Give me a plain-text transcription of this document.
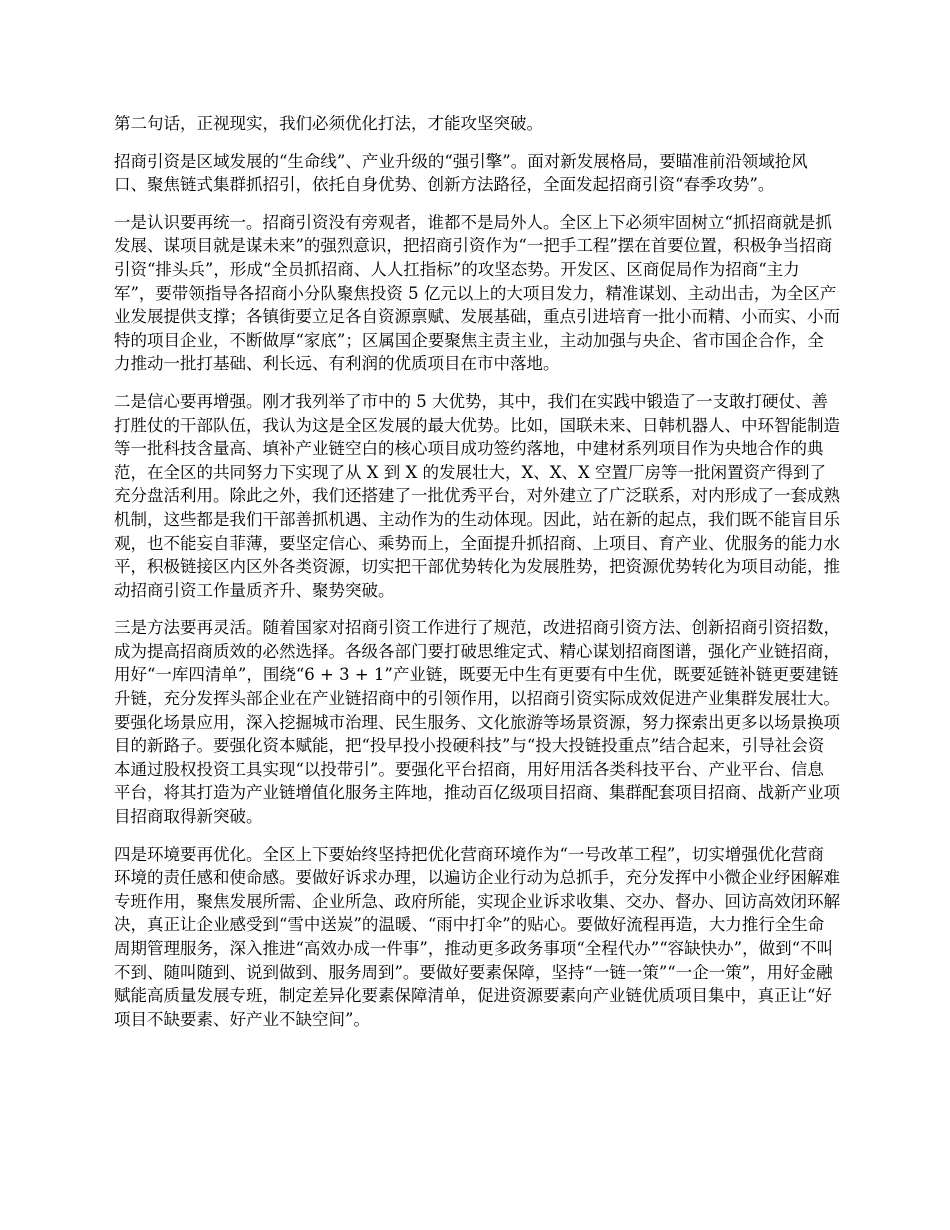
第二句话，正视现实，我们必须优化打法，才能攻坚突破。

招商引资是区域发展的“生命线”、产业升级的“强引擎”。面对新发展格局，要瞄准前沿领域抢风口、聚焦链式集群抓招引，依托自身优势、创新方法路径，全面发起招商引资“春季攻势”。

一是认识要再统一。招商引资没有旁观者，谁都不是局外人。全区上下必须牢固树立“抓招商就是抓发展、谋项目就是谋未来”的强烈意识，把招商引资作为“一把手工程”摆在首要位置，积极争当招商引资“排头兵”，形成“全员抓招商、人人扛指标”的攻坚态势。开发区、区商促局作为招商“主力军”，要带领指导各招商小分队聚焦投资 5 亿元以上的大项目发力，精准谋划、主动出击，为全区产业发展提供支撑；各镇街要立足各自资源禀赋、发展基础，重点引进培育一批小而精、小而实、小而特的项目企业，不断做厚“家底”；区属国企要聚焦主责主业，主动加强与央企、省市国企合作，全力推动一批打基础、利长远、有利润的优质项目在市中落地。

二是信心要再增强。刚才我列举了市中的 5 大优势，其中，我们在实践中锻造了一支敢打硬仗、善打胜仗的干部队伍，我认为这是全区发展的最大优势。比如，国联未来、日韩机器人、中环智能制造等一批科技含量高、填补产业链空白的核心项目成功签约落地，中建材系列项目作为央地合作的典范，在全区的共同努力下实现了从 X 到 X 的发展壮大，X、X、X 空置厂房等一批闲置资产得到了充分盘活利用。除此之外，我们还搭建了一批优秀平台，对外建立了广泛联系，对内形成了一套成熟机制，这些都是我们干部善抓机遇、主动作为的生动体现。因此，站在新的起点，我们既不能盲目乐观，也不能妄自菲薄，要坚定信心、乘势而上，全面提升抓招商、上项目、育产业、优服务的能力水平，积极链接区内区外各类资源，切实把干部优势转化为发展胜势，把资源优势转化为项目动能，推动招商引资工作量质齐升、聚势突破。

三是方法要再灵活。随着国家对招商引资工作进行了规范，改进招商引资方法、创新招商引资招数，成为提高招商质效的必然选择。各级各部门要打破思维定式、精心谋划招商图谱，强化产业链招商，用好“一库四清单”，围绕“6 + 3 + 1”产业链，既要无中生有更要有中生优，既要延链补链更要建链升链，充分发挥头部企业在产业链招商中的引领作用，以招商引资实际成效促进产业集群发展壮大。要强化场景应用，深入挖掘城市治理、民生服务、文化旅游等场景资源，努力探索出更多以场景换项目的新路子。要强化资本赋能，把“投早投小投硬科技”与“投大投链投重点”结合起来，引导社会资本通过股权投资工具实现“以投带引”。要强化平台招商，用好用活各类科技平台、产业平台、信息平台，将其打造为产业链增值化服务主阵地，推动百亿级项目招商、集群配套项目招商、战新产业项目招商取得新突破。

四是环境要再优化。全区上下要始终坚持把优化营商环境作为“一号改革工程”，切实增强优化营商环境的责任感和使命感。要做好诉求办理，以遍访企业行动为总抓手，充分发挥中小微企业纾困解难专班作用，聚焦发展所需、企业所急、政府所能，实现企业诉求收集、交办、督办、回访高效闭环解决，真正让企业感受到“雪中送炭”的温暖、“雨中打伞”的贴心。要做好流程再造，大力推行全生命周期管理服务，深入推进“高效办成一件事”，推动更多政务事项“全程代办”“容缺快办”，做到“不叫不到、随叫随到、说到做到、服务周到”。要做好要素保障，坚持“一链一策”“一企一策”，用好金融赋能高质量发展专班，制定差异化要素保障清单，促进资源要素向产业链优质项目集中，真正让“好项目不缺要素、好产业不缺空间”。
